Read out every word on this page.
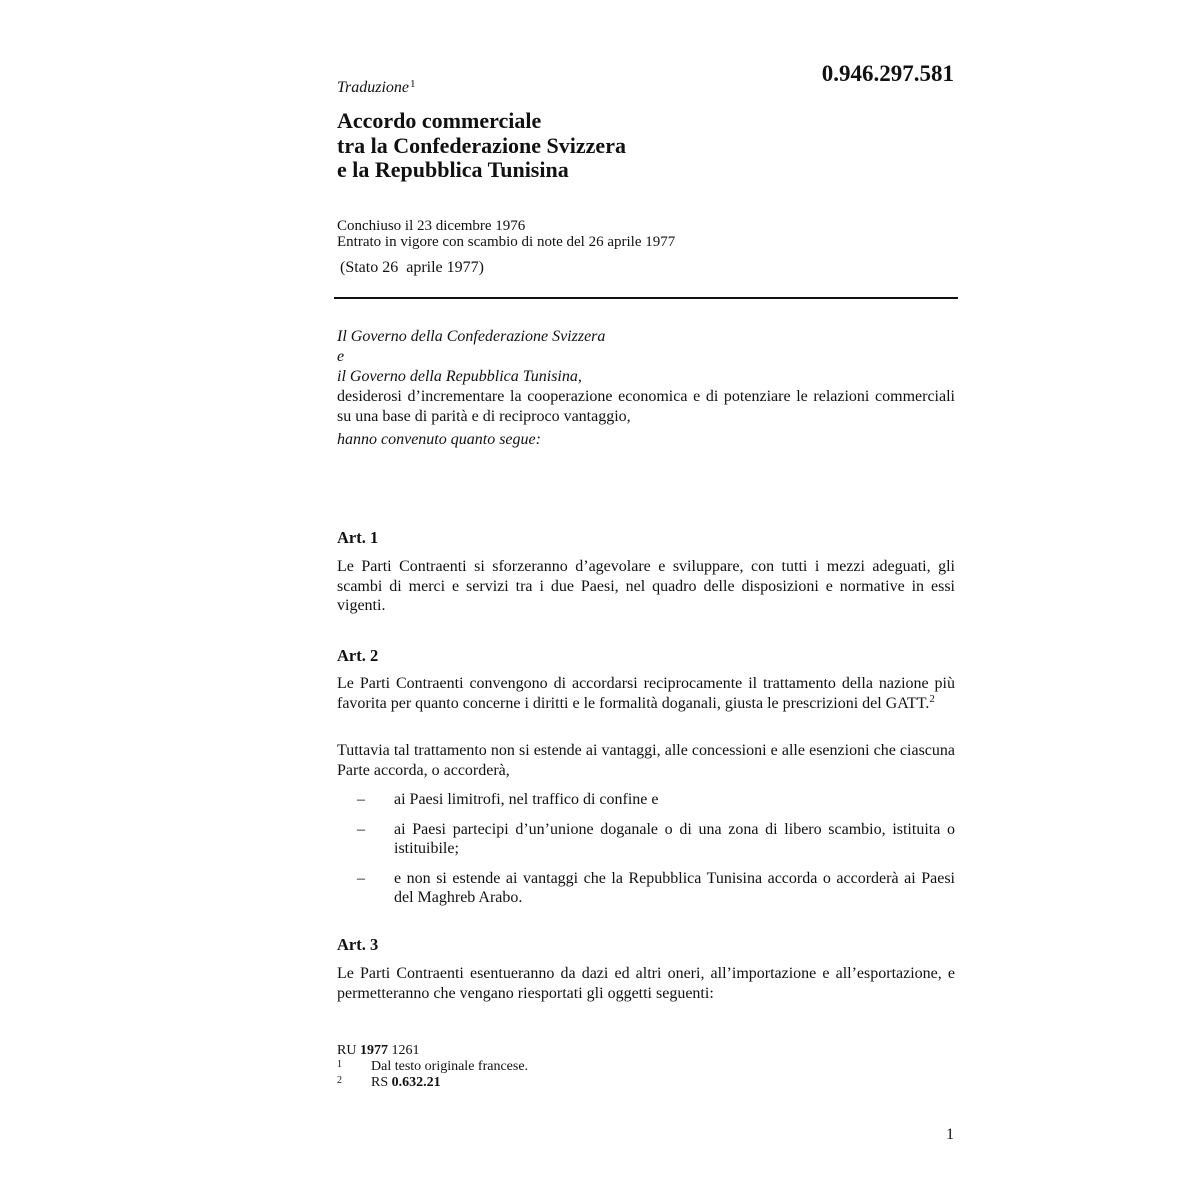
Traduzione$^1$	0.946.297.581
Accordo commerciale
tra la Confederazione Svizzera
e la Repubblica Tunisina
Conchiuso il 23 dicembre 1976
Entrato in vigore con scambio di note del 26 aprile 1977
(Stato 26  aprile 1977)
Il Governo della Confederazione Svizzera
e
il Governo della Repubblica Tunisina,

desiderosi d’incrementare la cooperazione economica e di potenziare le relazioni commerciali su una base di parità e di reciproco vantaggio,

hanno convenuto quanto segue:
Art. 1
Le Parti Contraenti si sforzeranno d’agevolare e sviluppare, con tutti i mezzi adeguati, gli scambi di merci e servizi tra i due Paesi, nel quadro delle disposizioni e normative in essi vigenti.
Art. 2
Le Parti Contraenti convengono di accordarsi reciprocamente il trattamento della nazione più favorita per quanto concerne i diritti e le formalità doganali, giusta le prescrizioni del GATT.$^2$
Tuttavia tal trattamento non si estende ai vantaggi, alle concessioni e alle esenzioni che ciascuna Parte accorda, o accorderà,
– ai Paesi limitrofi, nel traffico di confine e
– ai Paesi partecipi d’un’unione doganale o di una zona di libero scambio, istituita o istituibile;
– e non si estende ai vantaggi che la Repubblica Tunisina accorda o accorderà ai Paesi del Maghreb Arabo.
Art. 3
Le Parti Contraenti esentueranno da dazi ed altri oneri, all’importazione e all’esportazione, e permetteranno che vengano riesportati gli oggetti seguenti:
RU 1977 1261
1	Dal testo originale francese.
2	RS 0.632.21
1
